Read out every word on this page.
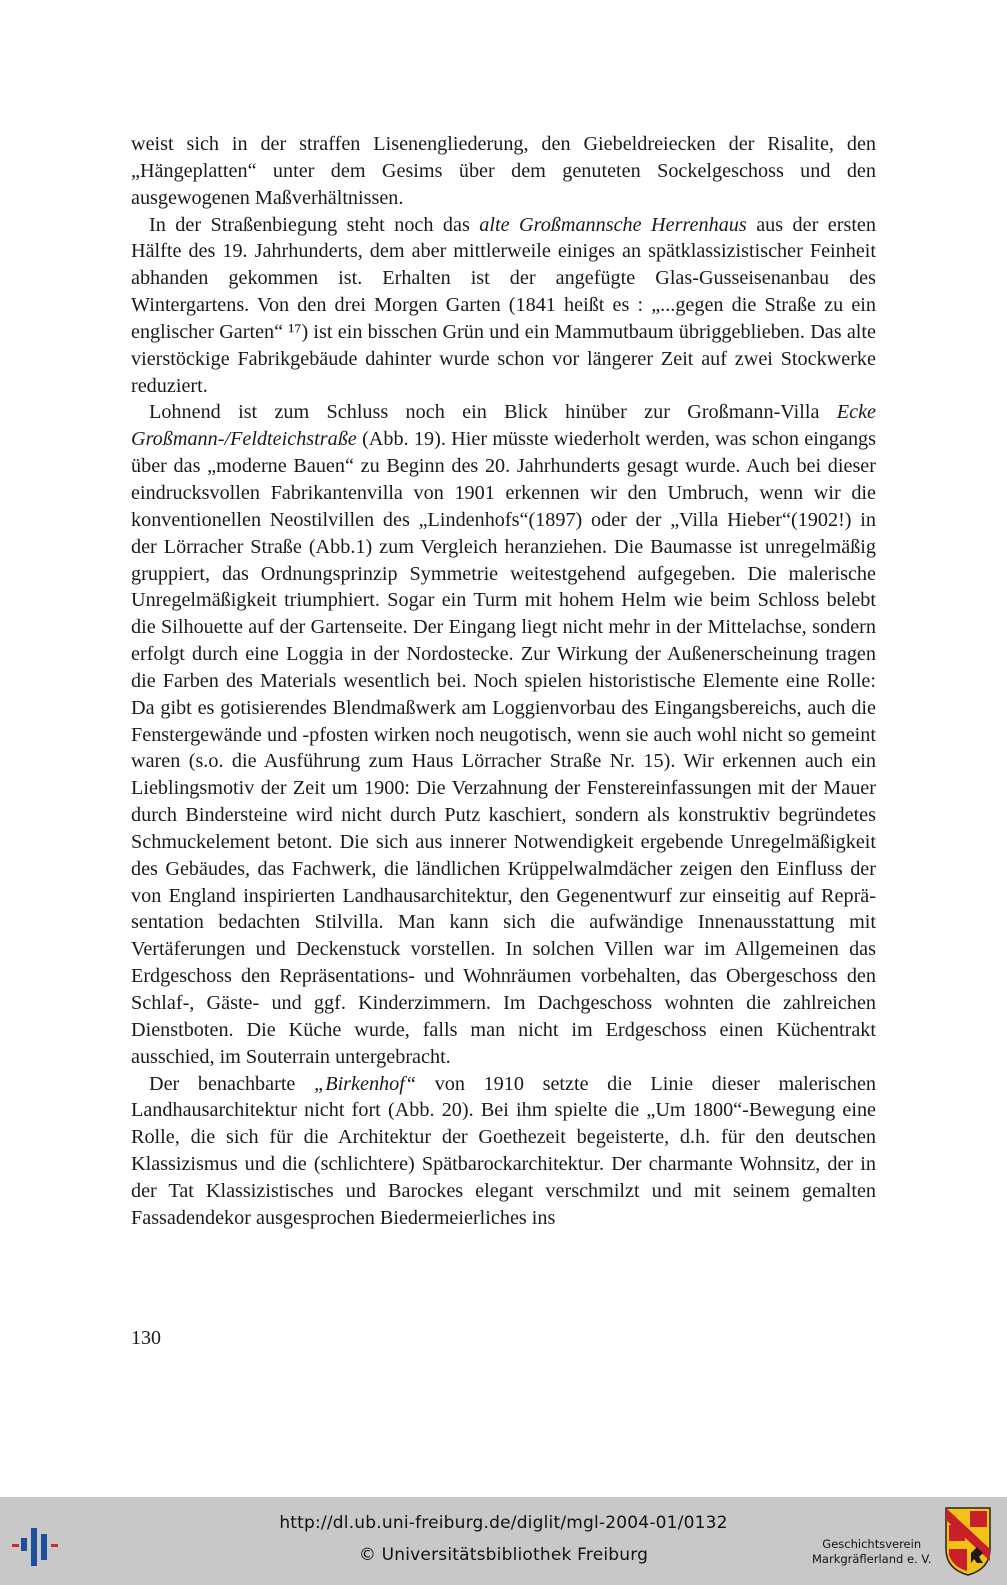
weist sich in der straffen Lisenengliederung, den Giebeldreiecken der Risalite, den „Hängeplatten“ unter dem Gesims über dem genuteten Sockelgeschoss und den ausgewogenen Maßverhältnissen.

In der Straßenbiegung steht noch das alte Großmannsche Herrenhaus aus der ersten Hälfte des 19. Jahrhunderts, dem aber mittlerweile einiges an spätklassizistischer Feinheit abhanden gekommen ist. Erhalten ist der angefügte Glas-Gusseisenanbau des Wintergartens. Von den drei Morgen Garten (1841 heißt es : „...gegen die Straße zu ein englischer Garten“ ¹⁷) ist ein bisschen Grün und ein Mammutbaum übriggeblieben. Das alte vierstöckige Fabrikgebäude dahinter wurde schon vor längerer Zeit auf zwei Stockwerke reduziert.

Lohnend ist zum Schluss noch ein Blick hinüber zur Großmann-Villa Ecke Großmann-/Feldteichstraße (Abb. 19). Hier müsste wiederholt werden, was schon eingangs über das „moderne Bauen“ zu Beginn des 20. Jahrhunderts gesagt wurde. Auch bei dieser eindrucksvollen Fabrikantenvilla von 1901 erkennen wir den Umbruch, wenn wir die konventionellen Neostilvillen des „Lindenhofs“(1897) oder der „Villa Hieber“(1902!) in der Lörracher Straße (Abb.1) zum Vergleich heranziehen. Die Baumasse ist unregelmäßig gruppiert, das Ordnungsprinzip Symmetrie weitestgehend aufgegeben. Die malerische Unregelmäßigkeit triumphiert. Sogar ein Turm mit hohem Helm wie beim Schloss belebt die Silhouette auf der Gartenseite. Der Eingang liegt nicht mehr in der Mittelachse, sondern erfolgt durch eine Loggia in der Nordostecke. Zur Wirkung der Außenerscheinung tragen die Farben des Materials wesentlich bei. Noch spielen historistische Elemente eine Rolle: Da gibt es gotisierendes Blendmaßwerk am Loggienvorbau des Eingangsbereichs, auch die Fenstergewände und -pfosten wirken noch neugotisch, wenn sie auch wohl nicht so gemeint waren (s.o. die Ausführung zum Haus Lörracher Straße Nr. 15). Wir erkennen auch ein Lieblingsmotiv der Zeit um 1900: Die Verzahnung der Fenstereinfassungen mit der Mauer durch Bindersteine wird nicht durch Putz kaschiert, sondern als konstruktiv begründetes Schmuckelement betont. Die sich aus innerer Notwendigkeit ergebende Unregelmäßigkeit des Gebäudes, das Fachwerk, die ländlichen Krüppelwalmdächer zeigen den Einfluss der von England inspirierten Landhausarchitektur, den Gegenentwurf zur einseitig auf Repräsentation bedachten Stilvilla. Man kann sich die aufwändige Innenausstattung mit Vertäferungen und Deckenstuck vorstellen. In solchen Villen war im Allgemeinen das Erdgeschoss den Repräsentations- und Wohnräumen vorbehalten, das Obergeschoss den Schlaf-, Gäste- und ggf. Kinderzimmern. Im Dachgeschoss wohnten die zahlreichen Dienstboten. Die Küche wurde, falls man nicht im Erdgeschoss einen Küchentrakt ausschied, im Souterrain untergebracht.

Der benachbarte „Birkenhof“ von 1910 setzte die Linie dieser malerischen Landhausarchitektur nicht fort (Abb. 20). Bei ihm spielte die „Um 1800“-Bewegung eine Rolle, die sich für die Architektur der Goethezeit begeisterte, d.h. für den deutschen Klassizismus und die (schlichtere) Spätbarockarchitektur. Der charmante Wohnsitz, der in der Tat Klassizistisches und Barockes elegant verschmilzt und mit seinem gemalten Fassadendekor ausgesprochen Biedermeierliches ins

130
http://dl.ub.uni-freiburg.de/diglit/mgl-2004-01/0132
© Universitätsbibliothek Freiburg
Geschichtsverein
Markgräflerland e. V.
